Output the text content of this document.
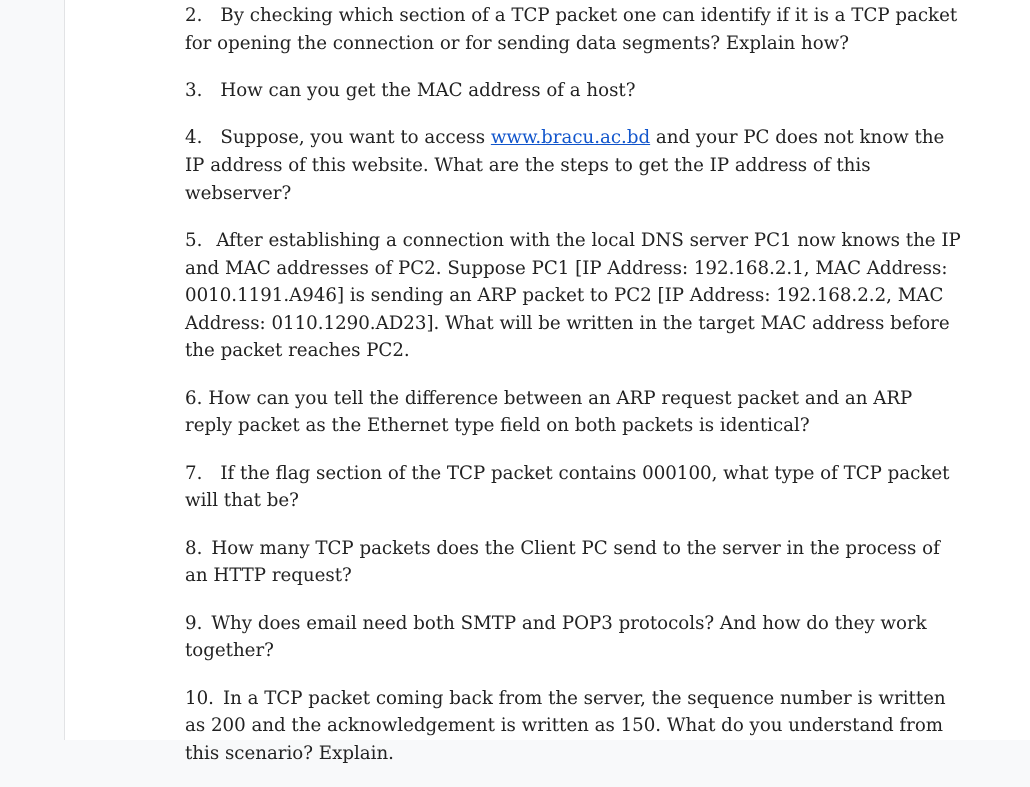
2. By checking which section of a TCP packet one can identify if it is a TCP packet for opening the connection or for sending data segments? Explain how?

3. How can you get the MAC address of a host?

4. Suppose, you want to access www.bracu.ac.bd and your PC does not know the IP address of this website. What are the steps to get the IP address of this webserver?

5. After establishing a connection with the local DNS server PC1 now knows the IP and MAC addresses of PC2. Suppose PC1 [IP Address: 192.168.2.1, MAC Address: 0010.1191.A946] is sending an ARP packet to PC2 [IP Address: 192.168.2.2, MAC Address: 0110.1290.AD23]. What will be written in the target MAC address before the packet reaches PC2.

6. How can you tell the difference between an ARP request packet and an ARP reply packet as the Ethernet type field on both packets is identical?

7. If the flag section of the TCP packet contains 000100, what type of TCP packet will that be?

8. How many TCP packets does the Client PC send to the server in the process of an HTTP request?

9. Why does email need both SMTP and POP3 protocols? And how do they work together?

10. In a TCP packet coming back from the server, the sequence number is written as 200 and the acknowledgement is written as 150. What do you understand from this scenario? Explain.
